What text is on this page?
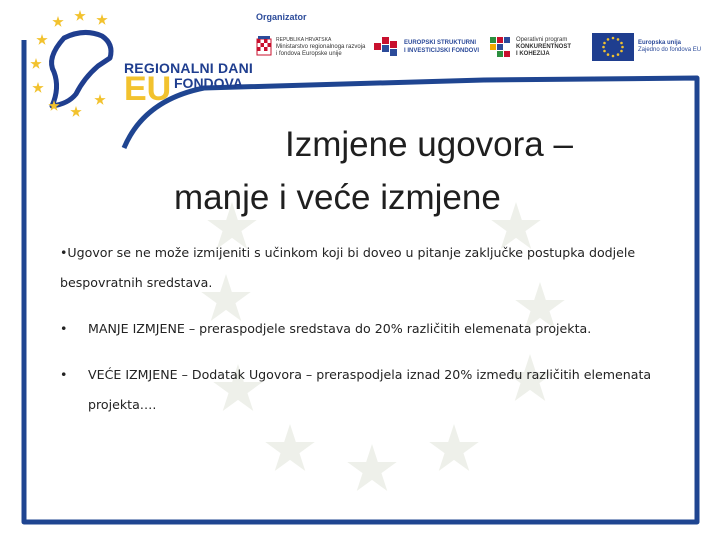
REGIONALNI DANI
EU FONDOVA
Organizator
REPUBLIKA HRVATSKA
Ministarstvo regionalnoga razvoja
i fondova Europske unije
EUROPSKI STRUKTURNI
I INVESTICIJSKI FONDOVI
Operativni program
KONKURENTNOST
I KOHEZIJA
Europska unija
Zajedno do fondova EU
Izmjene ugovora –
manje i veće izmjene

•Ugovor se ne može izmijeniti s učinkom koji bi doveo u pitanje zaključke postupka dodjele bespovratnih sredstava.

• MANJE IZMJENE – preraspodjele sredstava do 20% različitih elemenata projekta.
• VEĆE IZMJENE – Dodatak Ugovora – preraspodjela iznad 20% između različitih elemenata projekta….
